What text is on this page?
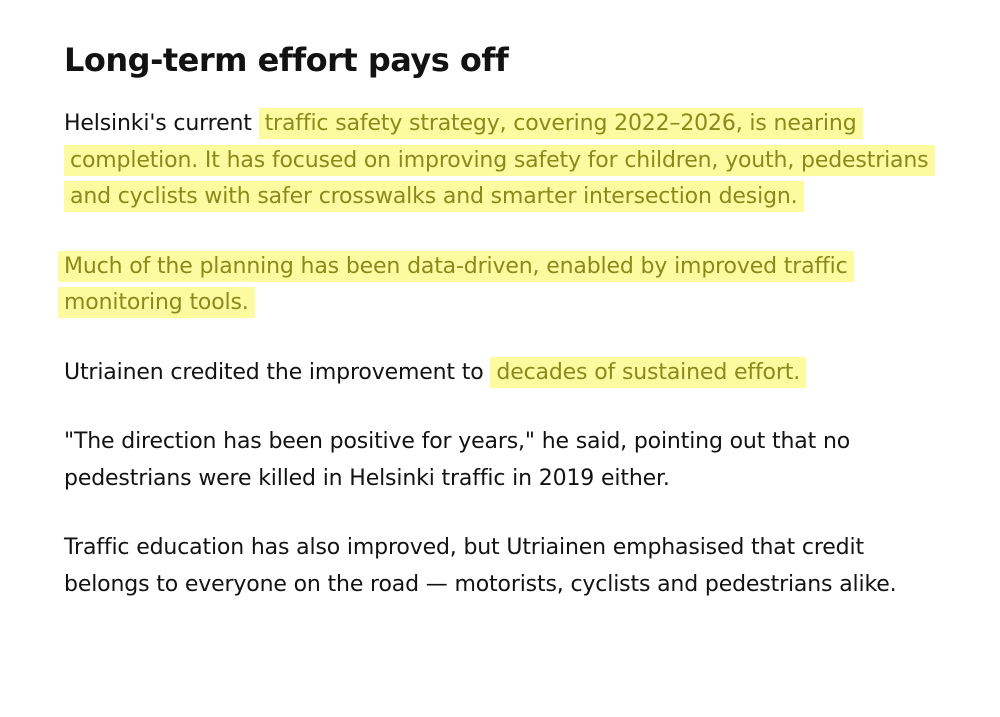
Long-term effort pays off

Helsinki's current traffic safety strategy, covering 2022–2026, is nearing completion. It has focused on improving safety for children, youth, pedestrians and cyclists with safer crosswalks and smarter intersection design.

Much of the planning has been data-driven, enabled by improved traffic monitoring tools.

Utriainen credited the improvement to decades of sustained effort.

"The direction has been positive for years," he said, pointing out that no pedestrians were killed in Helsinki traffic in 2019 either.

Traffic education has also improved, but Utriainen emphasised that credit belongs to everyone on the road — motorists, cyclists and pedestrians alike.
